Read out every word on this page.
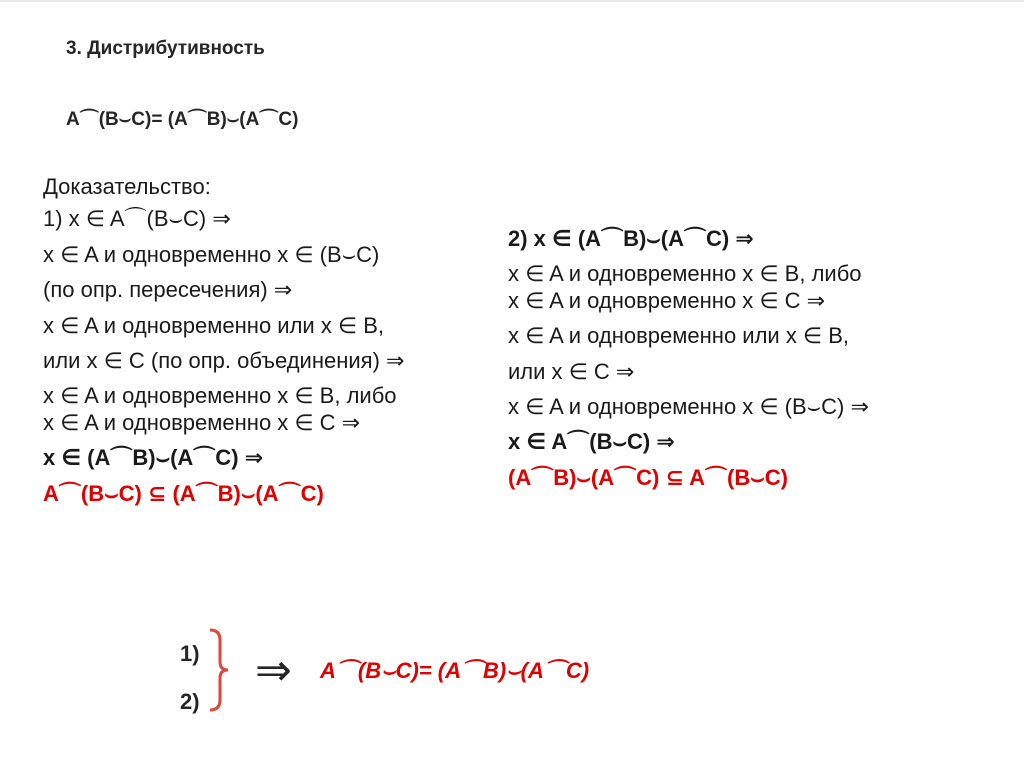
3. Дистрибутивность
A⌒(B⌣C)= (A⌒B)⌣(A⌒C)
Доказательство:
1) x ∈ A⌒(B⌣C) ⇒
x ∈ A и одновременно x ∈ (B⌣C)
(по опр. пересечения) ⇒
x ∈ A и одновременно или x ∈ B,
или x ∈ C (по опр. объединения) ⇒
x ∈ A и одновременно x ∈ B, либо
x ∈ A и одновременно x ∈ C ⇒
x ∈ (A⌒B)⌣(A⌒C) ⇒
A⌒(B⌣C) ⊆ (A⌒B)⌣(A⌒C)
2) x ∈ (A⌒B)⌣(A⌒C) ⇒
x ∈ A и одновременно x ∈ B, либо
x ∈ A и одновременно x ∈ C ⇒
x ∈ A и одновременно или x ∈ B,
или x ∈ C ⇒
x ∈ A и одновременно x ∈ (B⌣C) ⇒
x ∈ A⌒(B⌣C) ⇒
(A⌒B)⌣(A⌒C) ⊆ A⌒(B⌣C)
1)
2)
⇒ A⌒(B⌣C)= (A⌒B)⌣(A⌒C)
